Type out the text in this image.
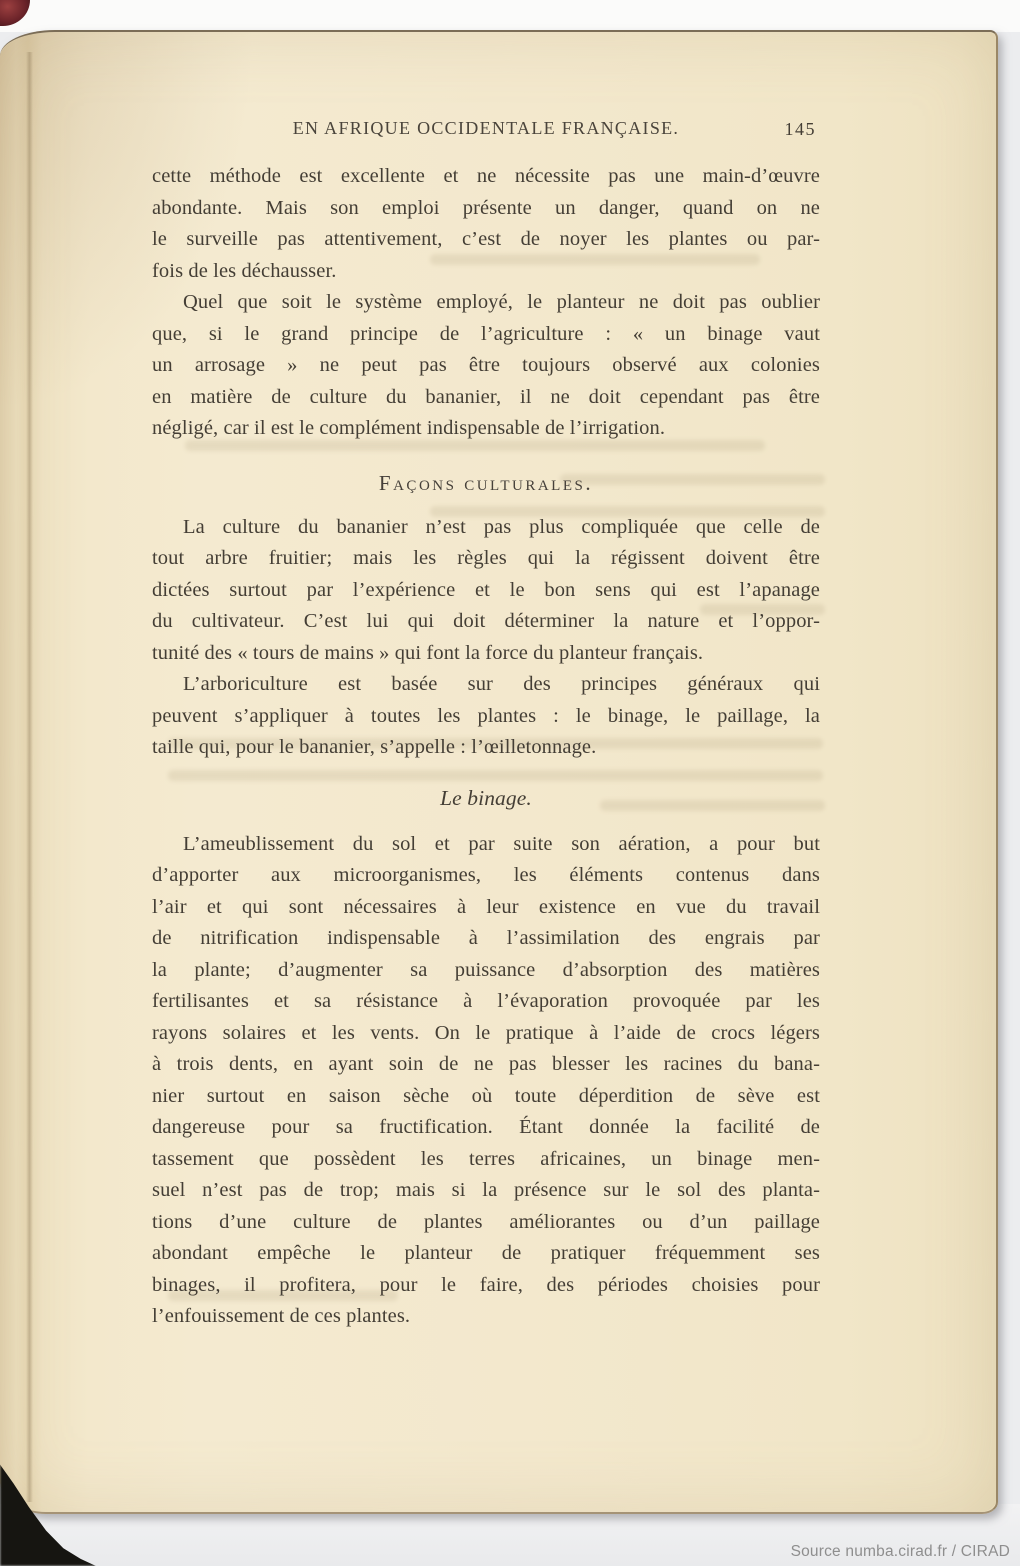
EN AFRIQUE OCCIDENTALE FRANÇAISE.	145
cette méthode est excellente et ne nécessite pas une main-d’œuvre
abondante. Mais son emploi présente un danger, quand on ne
le surveille pas attentivement, c’est de noyer les plantes ou par-
fois de les déchausser.
Quel que soit le système employé, le planteur ne doit pas oublier
que, si le grand principe de l’agriculture : « un binage vaut
un arrosage » ne peut pas être toujours observé aux colonies
en matière de culture du bananier, il ne doit cependant pas être
négligé, car il est le complément indispensable de l’irrigation.
Façons culturales.
La culture du bananier n’est pas plus compliquée que celle de
tout arbre fruitier; mais les règles qui la régissent doivent être
dictées surtout par l’expérience et le bon sens qui est l’apanage
du cultivateur. C’est lui qui doit déterminer la nature et l’oppor-
tunité des « tours de mains » qui font la force du planteur français.
L’arboriculture est basée sur des principes généraux qui
peuvent s’appliquer à toutes les plantes : le binage, le paillage, la
taille qui, pour le bananier, s’appelle : l’œilletonnage.
Le binage.
L’ameublissement du sol et par suite son aération, a pour but
d’apporter aux microorganismes, les éléments contenus dans
l’air et qui sont nécessaires à leur existence en vue du travail
de nitrification indispensable à l’assimilation des engrais par
la plante; d’augmenter sa puissance d’absorption des matières
fertilisantes et sa résistance à l’évaporation provoquée par les
rayons solaires et les vents. On le pratique à l’aide de crocs légers
à trois dents, en ayant soin de ne pas blesser les racines du bana-
nier surtout en saison sèche où toute déperdition de sève est
dangereuse pour sa fructification. Étant donnée la facilité de
tassement que possèdent les terres africaines, un binage men-
suel n’est pas de trop; mais si la présence sur le sol des planta-
tions d’une culture de plantes améliorantes ou d’un paillage
abondant empêche le planteur de pratiquer fréquemment ses
binages, il profitera, pour le faire, des périodes choisies pour
l’enfouissement de ces plantes.
Source numba.cirad.fr / CIRAD
